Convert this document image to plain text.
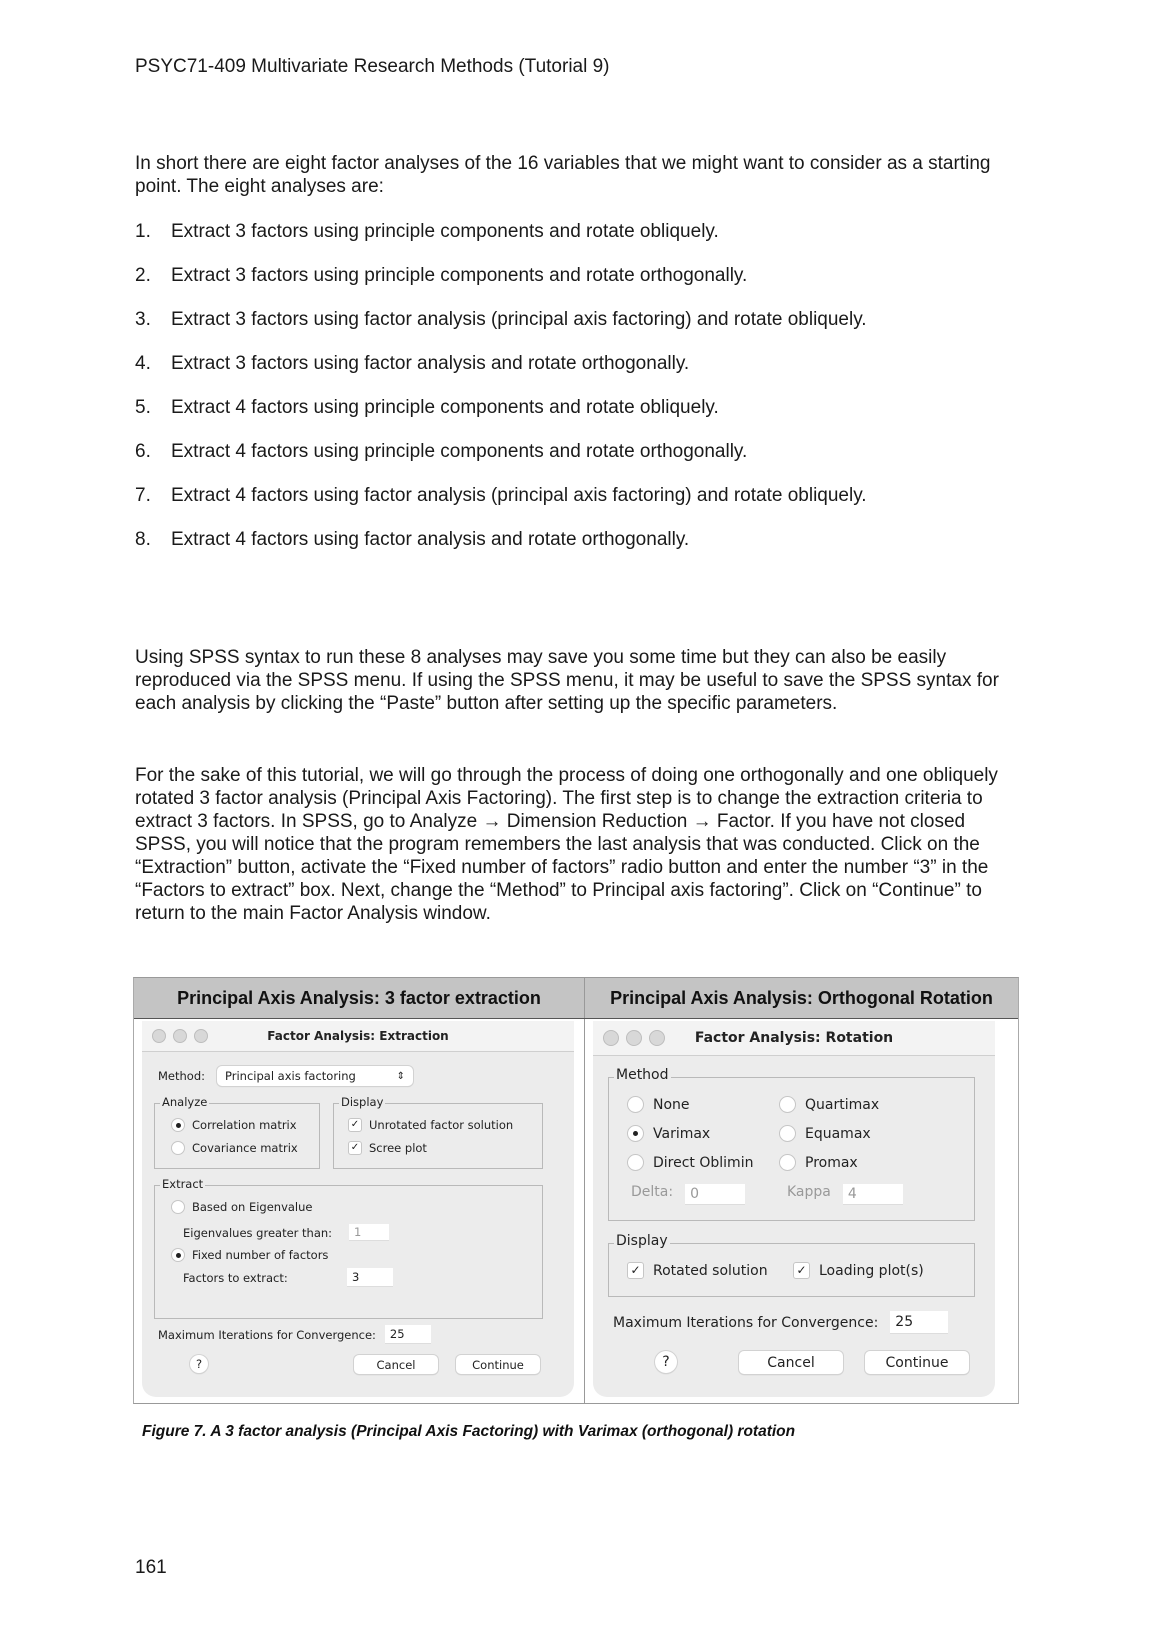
PSYC71-409 Multivariate Research Methods (Tutorial 9)

In short there are eight factor analyses of the 16 variables that we might want to consider as a starting point. The eight analyses are:

1.	Extract 3 factors using principle components and rotate obliquely.
2.	Extract 3 factors using principle components and rotate orthogonally.
3.	Extract 3 factors using factor analysis (principal axis factoring) and rotate obliquely.
4.	Extract 3 factors using factor analysis and rotate orthogonally.
5.	Extract 4 factors using principle components and rotate obliquely.
6.	Extract 4 factors using principle components and rotate orthogonally.
7.	Extract 4 factors using factor analysis (principal axis factoring) and rotate obliquely.
8.	Extract 4 factors using factor analysis and rotate orthogonally.

Using SPSS syntax to run these 8 analyses may save you some time but they can also be easily reproduced via the SPSS menu. If using the SPSS menu, it may be useful to save the SPSS syntax for each analysis by clicking the “Paste” button after setting up the specific parameters.

For the sake of this tutorial, we will go through the process of doing one orthogonally and one obliquely rotated 3 factor analysis (Principal Axis Factoring). The first step is to change the extraction criteria to extract 3 factors. In SPSS, go to Analyze → Dimension Reduction → Factor. If you have not closed SPSS, you will notice that the program remembers the last analysis that was conducted. Click on the “Extraction” button, activate the “Fixed number of factors” radio button and enter the number “3” in the “Factors to extract” box. Next, change the “Method” to Principal axis factoring”. Click on “Continue” to return to the main Factor Analysis window.

Principal Axis Analysis: 3 factor extraction	Principal Axis Analysis: Orthogonal Rotation
Factor Analysis: Extraction
Method: Principal axis factoring	⇕
Analyze
Correlation matrix
Covariance matrix
Display
✓ Unrotated factor solution
✓ Scree plot
Extract
Based on Eigenvalue
Eigenvalues greater than:	1
Fixed number of factors
Factors to extract:	3
Maximum Iterations for Convergence: 25
?	Cancel	Continue
Factor Analysis: Rotation
Method
None	Quartimax
Varimax	Equamax
Direct Oblimin	Promax
Delta: 0	Kappa 4
Display
✓ Rotated solution ✓ Loading plot(s)
Maximum Iterations for Convergence: 25
?	Cancel	Continue
Figure 7. A 3 factor analysis (Principal Axis Factoring) with Varimax (orthogonal) rotation
161
